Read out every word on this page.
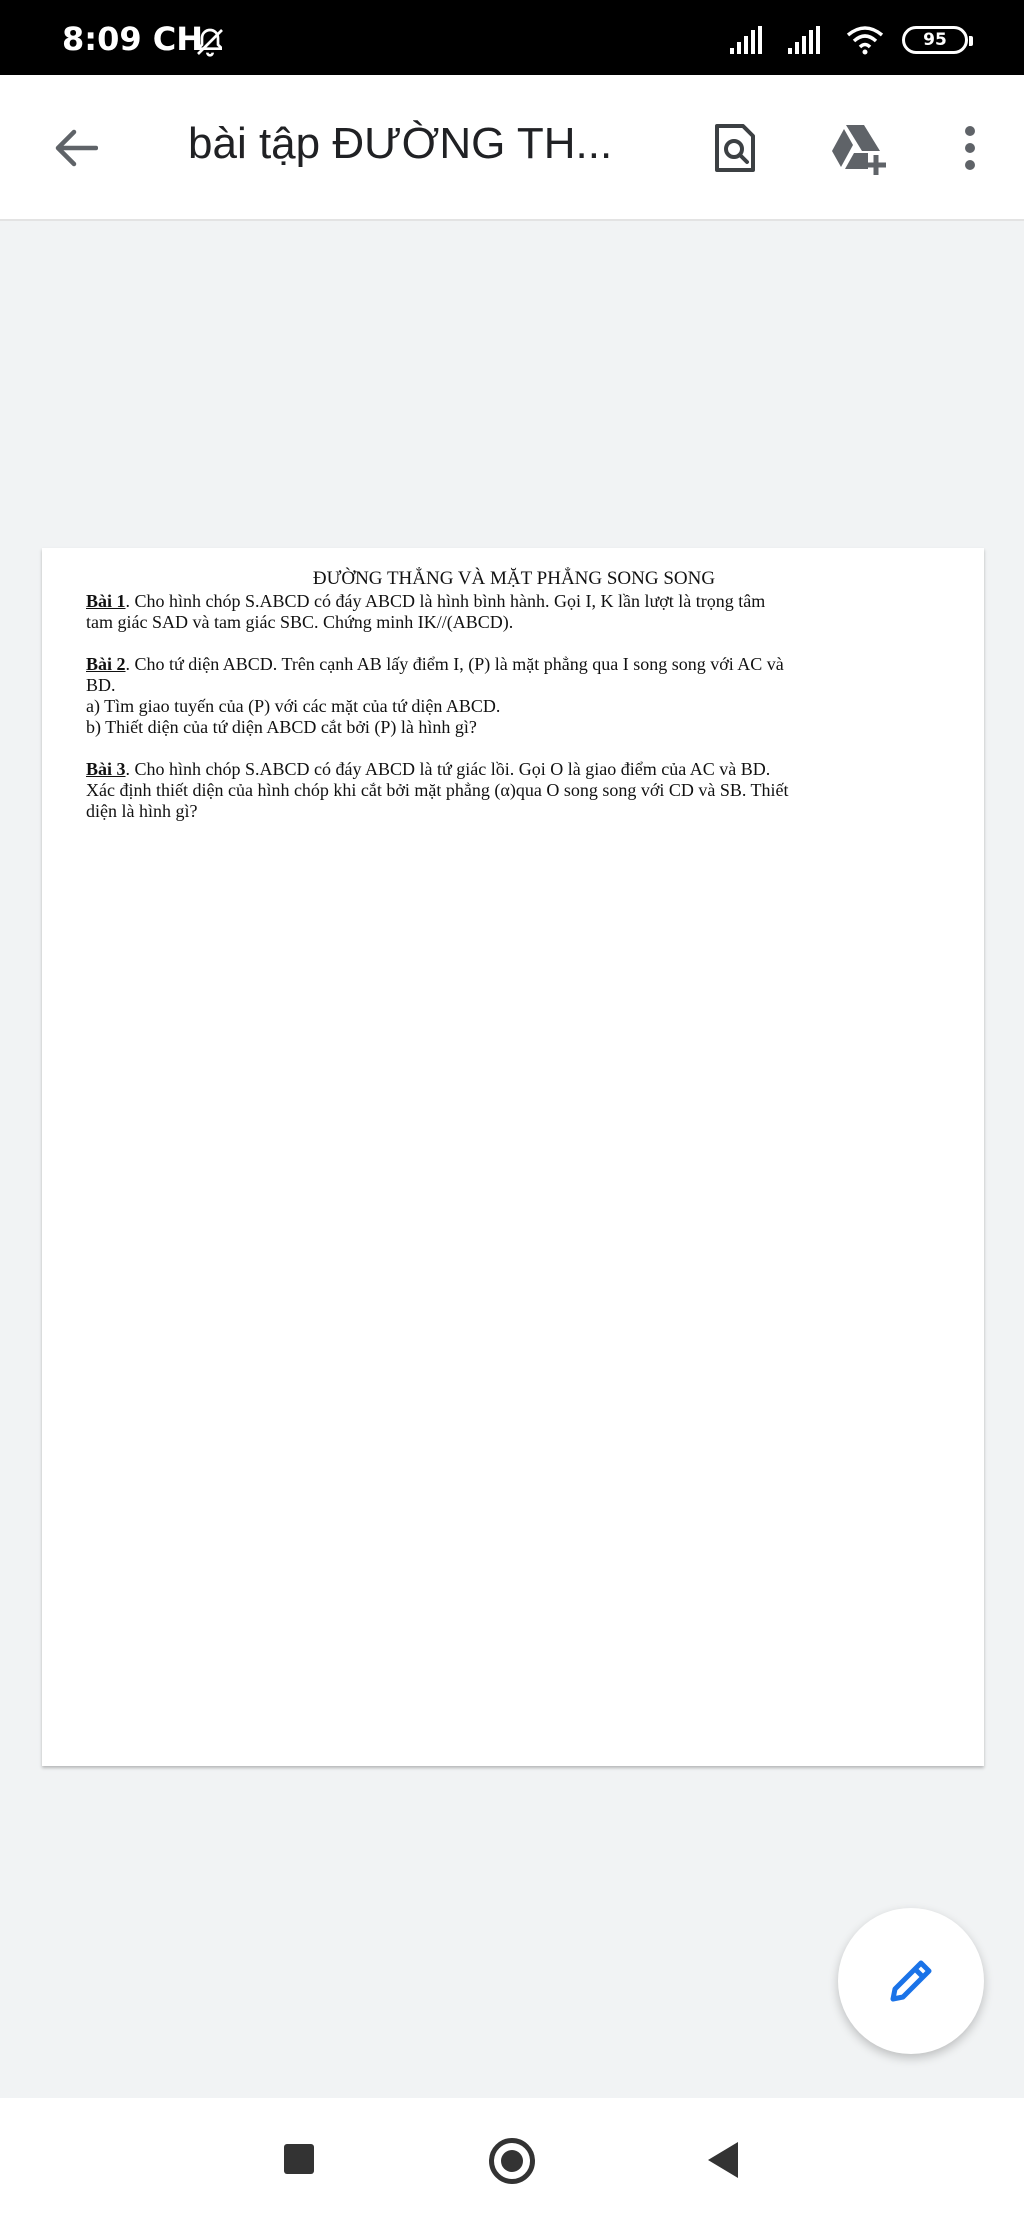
8:09 CH	95
bài tập ĐƯỜNG TH...
ĐƯỜNG THẲNG VÀ MẶT PHẲNG SONG SONG
Bài 1. Cho hình chóp S.ABCD có đáy ABCD là hình bình hành. Gọi I, K lần lượt là trọng tâm
tam giác SAD và tam giác SBC. Chứng minh IK//(ABCD).
Bài 2. Cho tứ diện ABCD. Trên cạnh AB lấy điểm I, (P) là mặt phẳng qua I song song với AC và
BD.
a) Tìm giao tuyến của (P) với các mặt của tứ diện ABCD.
b) Thiết diện của tứ diện ABCD cắt bởi (P) là hình gì?
Bài 3. Cho hình chóp S.ABCD có đáy ABCD là tứ giác lồi. Gọi O là giao điểm của AC và BD.
Xác định thiết diện của hình chóp khi cắt bởi mặt phẳng (α)qua O song song với CD và SB. Thiết
diện là hình gì?
